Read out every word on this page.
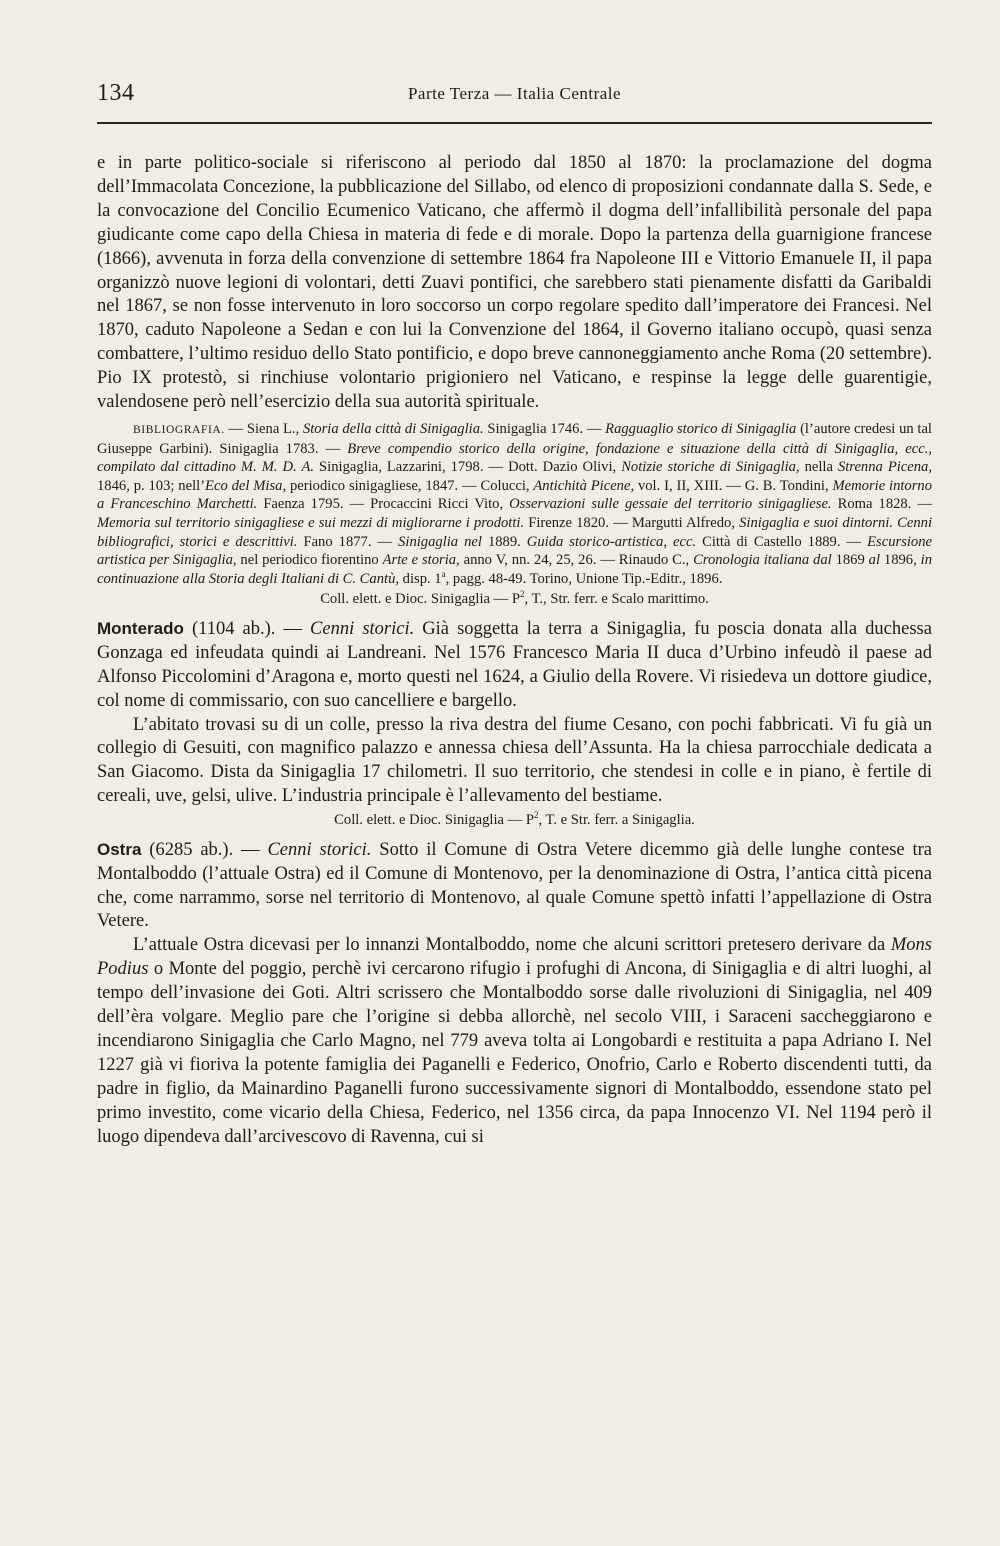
134	Parte Terza — Italia Centrale

e in parte politico-sociale si riferiscono al periodo dal 1850 al 1870: la proclamazione del dogma dell’Immacolata Concezione, la pubblicazione del Sillabo, od elenco di proposizioni condannate dalla S. Sede, e la convocazione del Concilio Ecumenico Vaticano, che affermò il dogma dell’infallibilità personale del papa giudicante come capo della Chiesa in materia di fede e di morale. Dopo la partenza della guarnigione francese (1866), avvenuta in forza della convenzione di settembre 1864 fra Napoleone III e Vittorio Emanuele II, il papa organizzò nuove legioni di volontari, detti Zuavi pontifici, che sarebbero stati pienamente disfatti da Garibaldi nel 1867, se non fosse intervenuto in loro soccorso un corpo regolare spedito dall’imperatore dei Francesi. Nel 1870, caduto Napoleone a Sedan e con lui la Convenzione del 1864, il Governo italiano occupò, quasi senza combattere, l’ultimo residuo dello Stato pontificio, e dopo breve cannoneggiamento anche Roma (20 settembre). Pio IX protestò, si rinchiuse volontario prigioniero nel Vaticano, e respinse la legge delle guarentigie, valendosene però nell’esercizio della sua autorità spirituale.

BIBLIOGRAFIA. — Siena L., Storia della città di Sinigaglia. Sinigaglia 1746. — Ragguaglio storico di Sinigaglia (l’autore credesi un tal Giuseppe Garbini). Sinigaglia 1783. — Breve compendio storico della origine, fondazione e situazione della città di Sinigaglia, ecc., compilato dal cittadino M. M. D. A. Sinigaglia, Lazzarini, 1798. — Dott. Dazio Olivi, Notizie storiche di Sinigaglia, nella Strenna Picena, 1846, p. 103; nell’Eco del Misa, periodico sinigagliese, 1847. — Colucci, Antichità Picene, vol. I, II, XIII. — G. B. Tondini, Memorie intorno a Franceschino Marchetti. Faenza 1795. — Procaccini Ricci Vito, Osservazioni sulle gessaie del territorio sinigagliese. Roma 1828. — Memoria sul territorio sinigagliese e sui mezzi di migliorarne i prodotti. Firenze 1820. — Margutti Alfredo, Sinigaglia e suoi dintorni. Cenni bibliografici, storici e descrittivi. Fano 1877. — Sinigaglia nel 1889. Guida storico-artistica, ecc. Città di Castello 1889. — Escursione artistica per Sinigaglia, nel periodico fiorentino Arte e storia, anno V, nn. 24, 25, 26. — Rinaudo C., Cronologia italiana dal 1869 al 1896, in continuazione alla Storia degli Italiani di C. Cantù, disp. 1$^a$, pagg. 48-49. Torino, Unione Tip.-Editr., 1896.

Coll. elett. e Dioc. Sinigaglia — $P^2$, T., Str. ferr. e Scalo marittimo.

Monterado (1104 ab.). — Cenni storici. Già soggetta la terra a Sinigaglia, fu poscia donata alla duchessa Gonzaga ed infeudata quindi ai Landreani. Nel 1576 Francesco Maria II duca d’Urbino infeudò il paese ad Alfonso Piccolomini d’Aragona e, morto questi nel 1624, a Giulio della Rovere. Vi risiedeva un dottore giudice, col nome di commissario, con suo cancelliere e bargello.

L’abitato trovasi su di un colle, presso la riva destra del fiume Cesano, con pochi fabbricati. Vi fu già un collegio di Gesuiti, con magnifico palazzo e annessa chiesa dell’Assunta. Ha la chiesa parrocchiale dedicata a San Giacomo. Dista da Sinigaglia 17 chilometri. Il suo territorio, che stendesi in colle e in piano, è fertile di cereali, uve, gelsi, ulive. L’industria principale è l’allevamento del bestiame.

Coll. elett. e Dioc. Sinigaglia — $P^2$, T. e Str. ferr. a Sinigaglia.

Ostra (6285 ab.). — Cenni storici. Sotto il Comune di Ostra Vetere dicemmo già delle lunghe contese tra Montalboddo (l’attuale Ostra) ed il Comune di Montenovo, per la denominazione di Ostra, l’antica città picena che, come narrammo, sorse nel territorio di Montenovo, al quale Comune spettò infatti l’appellazione di Ostra Vetere.

L’attuale Ostra dicevasi per lo innanzi Montalboddo, nome che alcuni scrittori pretesero derivare da Mons Podius o Monte del poggio, perchè ivi cercarono rifugio i profughi di Ancona, di Sinigaglia e di altri luoghi, al tempo dell’invasione dei Goti. Altri scrissero che Montalboddo sorse dalle rivoluzioni di Sinigaglia, nel 409 dell’èra volgare. Meglio pare che l’origine si debba allorchè, nel secolo VIII, i Saraceni saccheggiarono e incendiarono Sinigaglia che Carlo Magno, nel 779 aveva tolta ai Longobardi e restituita a papa Adriano I. Nel 1227 già vi fioriva la potente famiglia dei Paganelli e Federico, Onofrio, Carlo e Roberto discendenti tutti, da padre in figlio, da Mainardino Paganelli furono successivamente signori di Montalboddo, essendone stato pel primo investito, come vicario della Chiesa, Federico, nel 1356 circa, da papa Innocenzo VI. Nel 1194 però il luogo dipendeva dall’arcivescovo di Ravenna, cui si
